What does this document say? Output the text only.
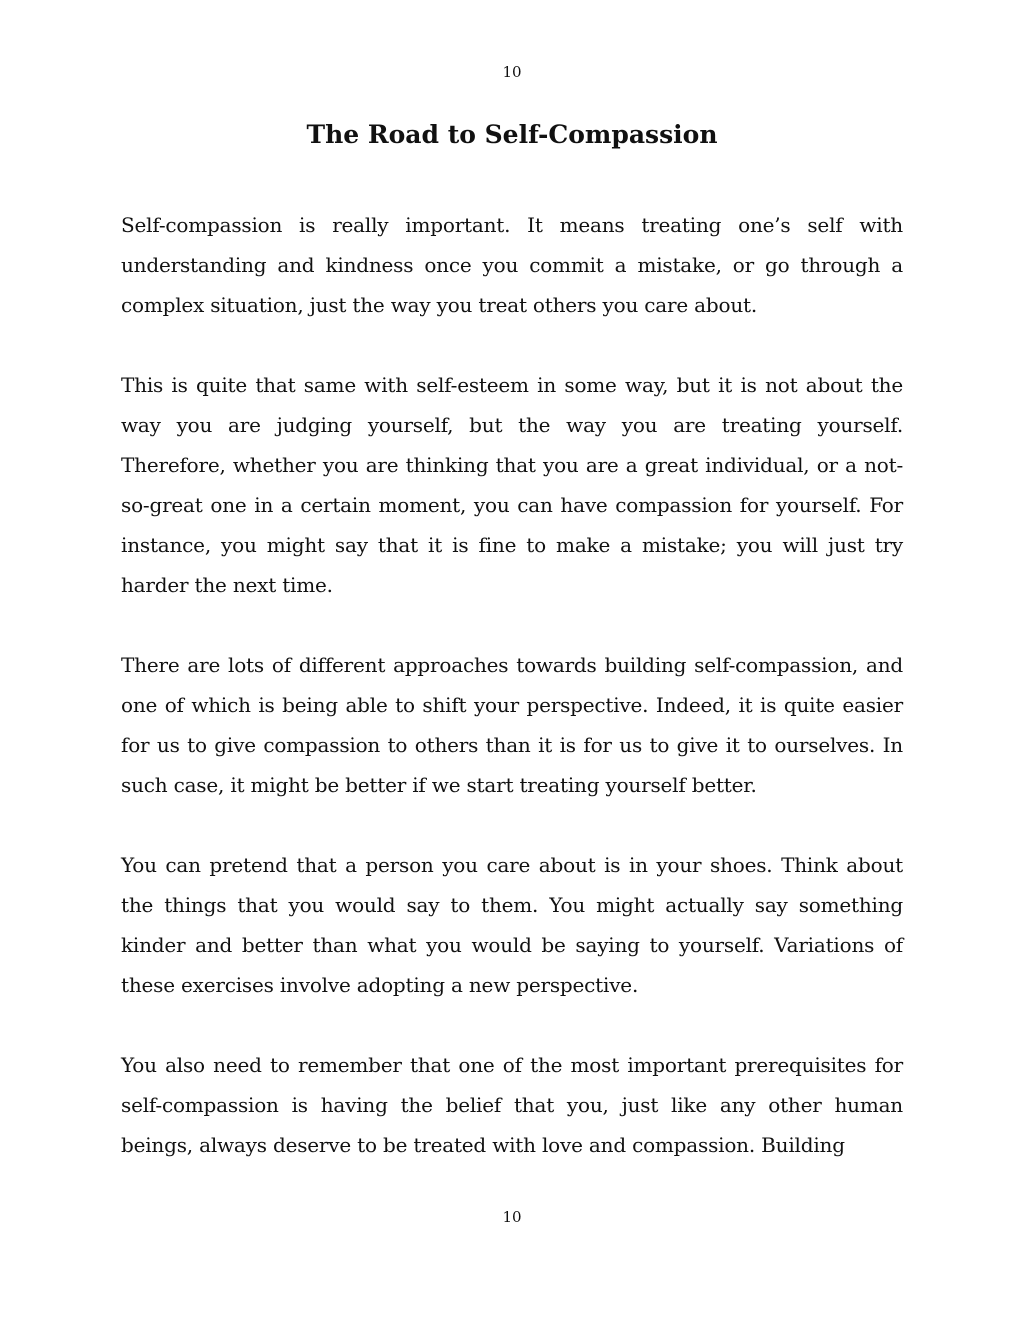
10
The Road to Self-Compassion

Self-compassion is really important. It means treating one’s self with understanding and kindness once you commit a mistake, or go through a complex situation, just the way you treat others you care about.

This is quite that same with self-esteem in some way, but it is not about the way you are judging yourself, but the way you are treating yourself. Therefore, whether you are thinking that you are a great individual, or a not-so-great one in a certain moment, you can have compassion for yourself. For instance, you might say that it is fine to make a mistake; you will just try harder the next time.

There are lots of different approaches towards building self-compassion, and one of which is being able to shift your perspective. Indeed, it is quite easier for us to give compassion to others than it is for us to give it to ourselves. In such case, it might be better if we start treating yourself better.

You can pretend that a person you care about is in your shoes. Think about the things that you would say to them. You might actually say something kinder and better than what you would be saying to yourself. Variations of these exercises involve adopting a new perspective.

You also need to remember that one of the most important prerequisites for self-compassion is having the belief that you, just like any other human beings, always deserve to be treated with love and compassion. Building

10
